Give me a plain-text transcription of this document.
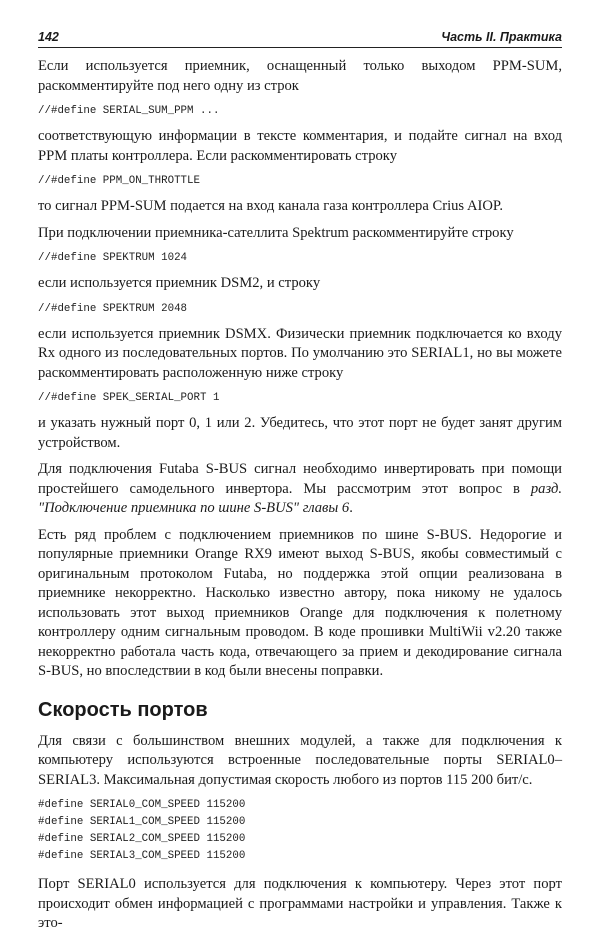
142	Часть II. Практика

Если используется приемник, оснащенный только выходом PPM-SUM, раскомментируйте под него одну из строк

//#define SERIAL_SUM_PPM ...

соответствующую информации в тексте комментария, и подайте сигнал на вход PPM платы контроллера. Если раскомментировать строку

//#define PPM_ON_THROTTLE

то сигнал PPM-SUM подается на вход канала газа контроллера Crius AIOP.

При подключении приемника-сателлита Spektrum раскомментируйте строку

//#define SPEKTRUM 1024

если используется приемник DSM2, и строку

//#define SPEKTRUM 2048

если используется приемник DSMX. Физически приемник подключается ко входу Rx одного из последовательных портов. По умолчанию это SERIAL1, но вы можете раскомментировать расположенную ниже строку

//#define SPEK_SERIAL_PORT 1

и указать нужный порт 0, 1 или 2. Убедитесь, что этот порт не будет занят другим устройством.

Для подключения Futaba S-BUS сигнал необходимо инвертировать при помощи простейшего самодельного инвертора. Мы рассмотрим этот вопрос в разд. "Подключение приемника по шине S-BUS" главы 6.

Есть ряд проблем с подключением приемников по шине S-BUS. Недорогие и популярные приемники Orange RX9 имеют выход S-BUS, якобы совместимый с оригинальным протоколом Futaba, но поддержка этой опции реализована в приемнике некорректно. Насколько известно автору, пока никому не удалось использовать этот выход приемников Orange для подключения к полетному контроллеру одним сигнальным проводом. В коде прошивки MultiWii v2.20 также некорректно работала часть кода, отвечающего за прием и декодирование сигнала S-BUS, но впоследствии в код были внесены поправки.

Скорость портов

Для связи с большинством внешних модулей, а также для подключения к компьютеру используются встроенные последовательные порты SERIAL0–SERIAL3. Максимальная допустимая скорость любого из портов 115 200 бит/с.

#define SERIAL0_COM_SPEED 115200
#define SERIAL1_COM_SPEED 115200
#define SERIAL2_COM_SPEED 115200
#define SERIAL3_COM_SPEED 115200

Порт SERIAL0 используется для подключения к компьютеру. Через этот порт происходит обмен информацией с программами настройки и управления. Также к это-
